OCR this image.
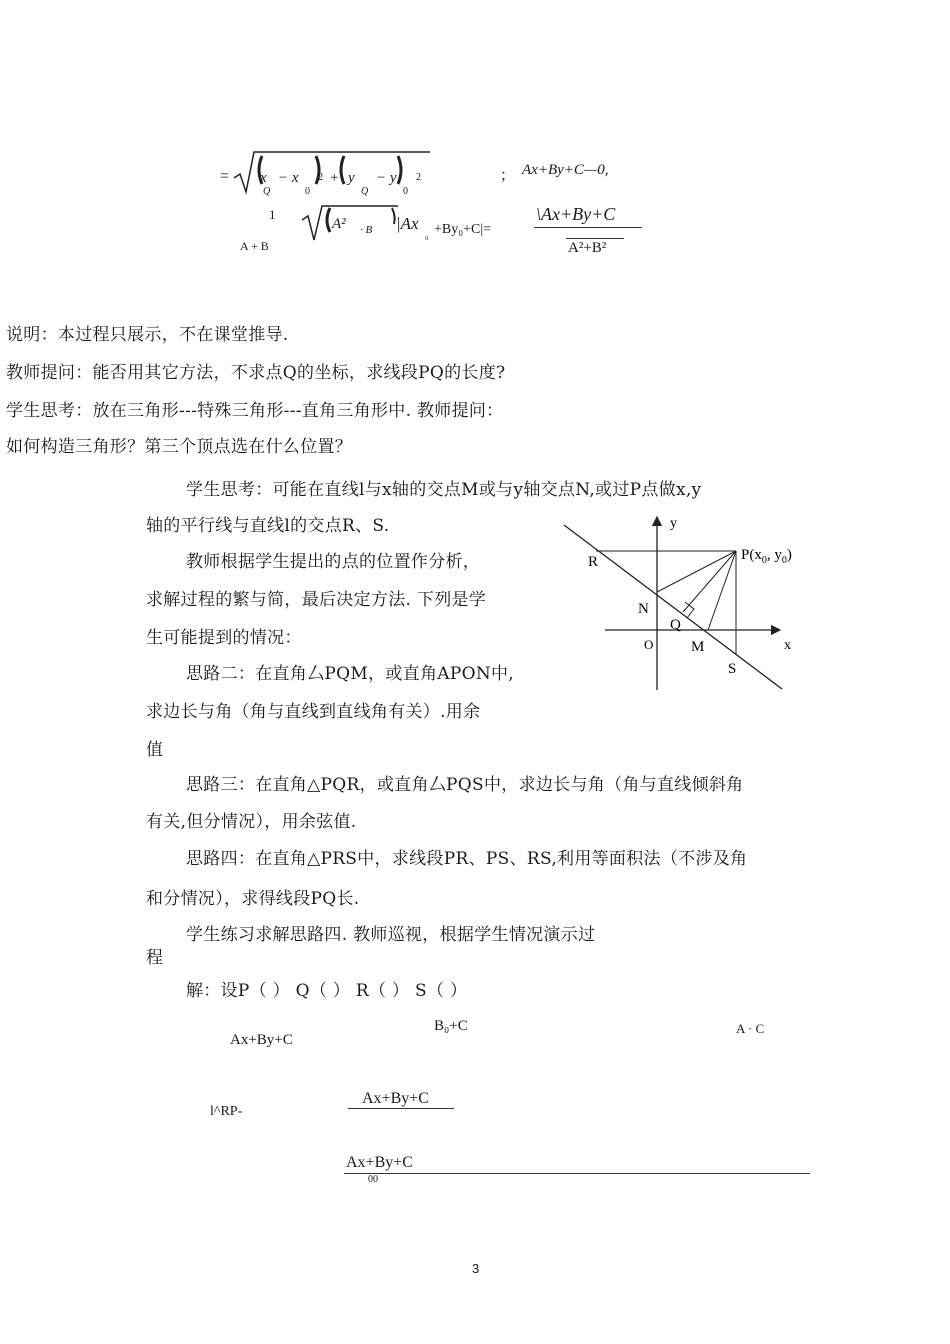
= x
Q
− x
0
2 + y
Q
− y
0
2	； Ax+By+C—0,
1
A² · B |Ax
₀ +By₀+C|=
\Ax+By+C
A²+B²
A + B
说明：本过程只展示，不在课堂推导.
教师提问：能否用其它方法，不求点Q的坐标，求线段PQ的长度?
学生思考：放在三角形---特殊三角形---直角三角形中. 教师提问：
如何构造三角形？第三个顶点选在什么位置？
学生思考：可能在直线l与x轴的交点M或与y轴交点N,或过P点做x,y
轴的平行线与直线l的交点R、S.
教师根据学生提出的点的位置作分析，
求解过程的繁与简，最后决定方法. 下列是学
生可能提到的情况：
思路二：在直角厶PQM，或直角APON中,
求边长与角（角与直线到直线角有关）.用余
值
思路三：在直角△PQR，或直角厶PQS中，求边长与角（角与直线倾斜角
有关,但分情况），用余弦值.
思路四：在直角△PRS中，求线段PR、PS、RS,利用等面积法（不涉及角
和分情况），求得线段PQ长.
学生练习求解思路四. 教师巡视，根据学生情况演示过
程
解：设P（ ） Q（ ） R（ ） S（ ）
y
x
$P(x_0$, $y_0$)
R
N
Q
O	M
S
Ax+By+C
B₀+C	A · C
l^RP-
Ax+By+C
Ax+By+C
00
3
